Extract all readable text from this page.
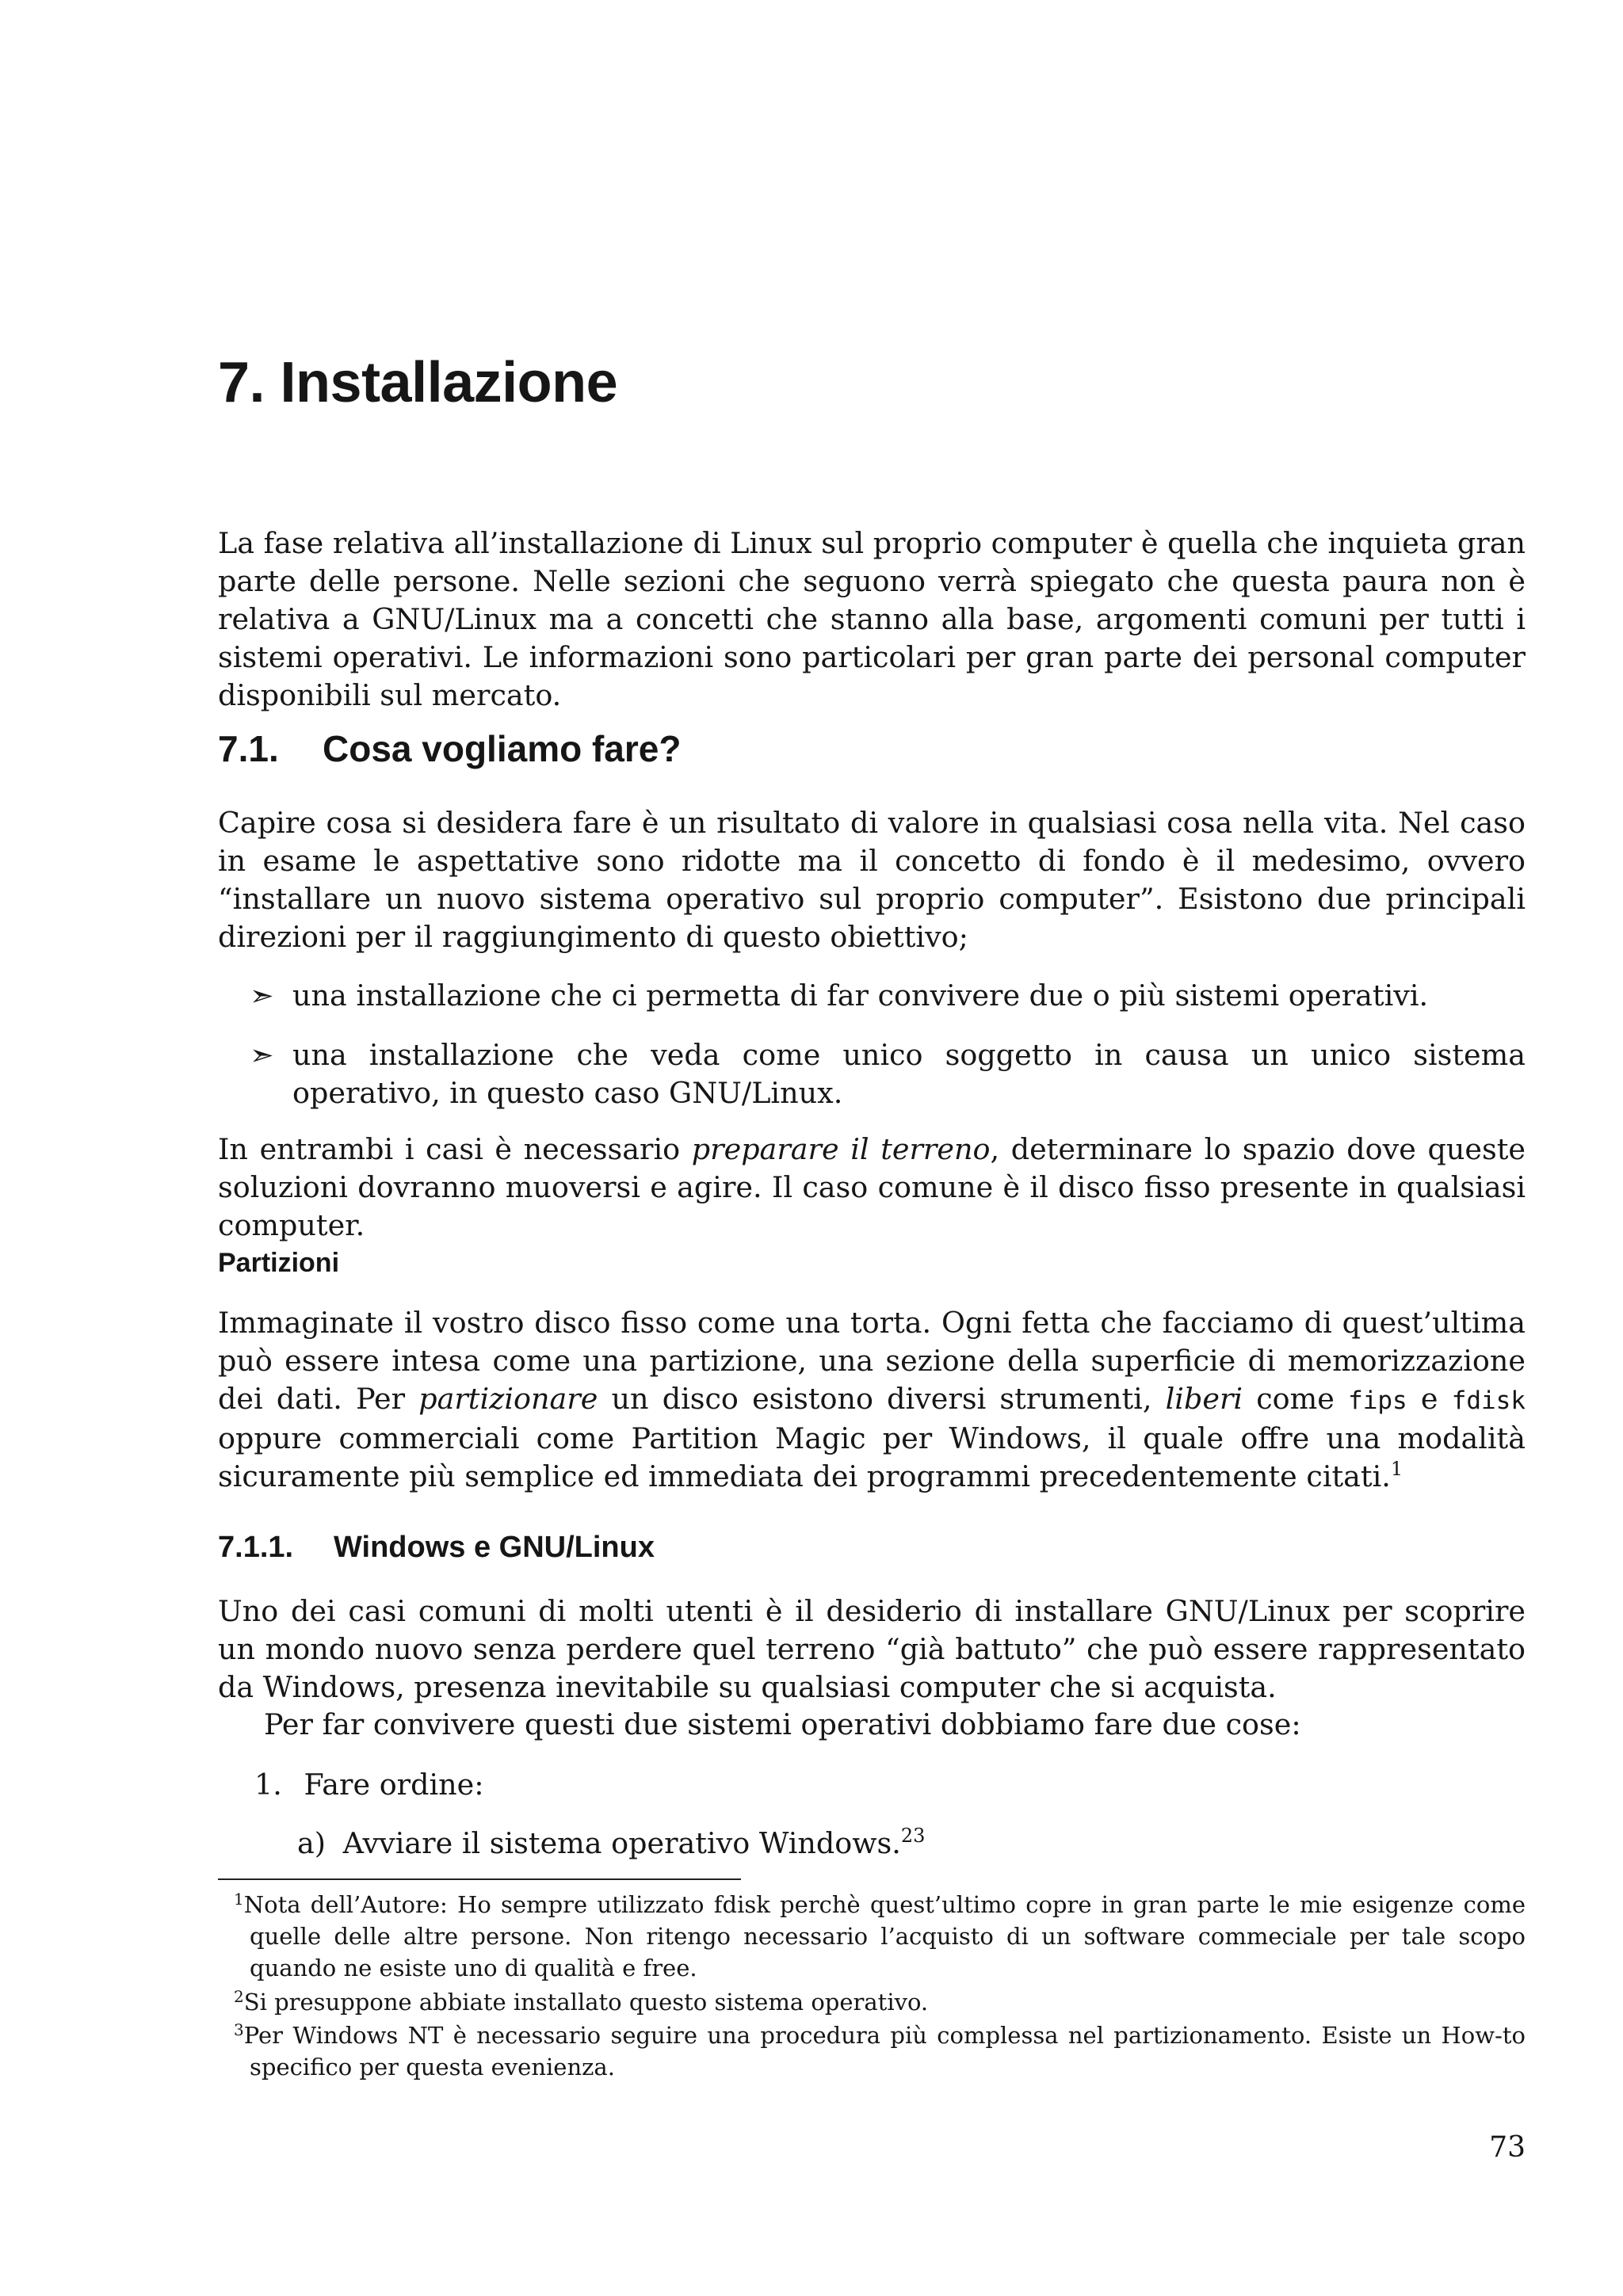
7. Installazione

La fase relativa all’installazione di Linux sul proprio computer è quella che inquieta gran parte delle persone. Nelle sezioni che seguono verrà spiegato che questa paura non è relativa a GNU/Linux ma a concetti che stanno alla base, argomenti comuni per tutti i sistemi operativi. Le informazioni sono particolari per gran parte dei personal computer disponibili sul mercato.

7.1. Cosa vogliamo fare?

Capire cosa si desidera fare è un risultato di valore in qualsiasi cosa nella vita. Nel caso in esame le aspettative sono ridotte ma il concetto di fondo è il medesimo, ovvero “installare un nuovo sistema operativo sul proprio computer”. Esistono due principali direzioni per il raggiungimento di questo obiettivo;

➣ una installazione che ci permetta di far convivere due o più sistemi operativi.
➣ una installazione che veda come unico soggetto in causa un unico sistema operativo, in questo caso GNU/Linux.

In entrambi i casi è necessario preparare il terreno, determinare lo spazio dove queste soluzioni dovranno muoversi e agire. Il caso comune è il disco fisso presente in qualsiasi computer.

Partizioni

Immaginate il vostro disco fisso come una torta. Ogni fetta che facciamo di quest’ultima può essere intesa come una partizione, una sezione della superficie di memorizzazione dei dati. Per partizionare un disco esistono diversi strumenti, liberi come fips e fdisk oppure commerciali come Partition Magic per Windows, il quale offre una modalità sicuramente più semplice ed immediata dei programmi precedentemente citati.$^1$

7.1.1. Windows e GNU/Linux

Uno dei casi comuni di molti utenti è il desiderio di installare GNU/Linux per scoprire un mondo nuovo senza perdere quel terreno “già battuto” che può essere rappresentato da Windows, presenza inevitabile su qualsiasi computer che si acquista.

Per far convivere questi due sistemi operativi dobbiamo fare due cose:

1. Fare ordine:
a) Avviare il sistema operativo Windows.$^{23}$

$^1$Nota dell’Autore: Ho sempre utilizzato fdisk perchè quest’ultimo copre in gran parte le mie esigenze come quelle delle altre persone. Non ritengo necessario l’acquisto di un software commeciale per tale scopo quando ne esiste uno di qualità e free.

$^2$Si presuppone abbiate installato questo sistema operativo.

$^3$Per Windows NT è necessario seguire una procedura più complessa nel partizionamento. Esiste un How-to specifico per questa evenienza.

73
